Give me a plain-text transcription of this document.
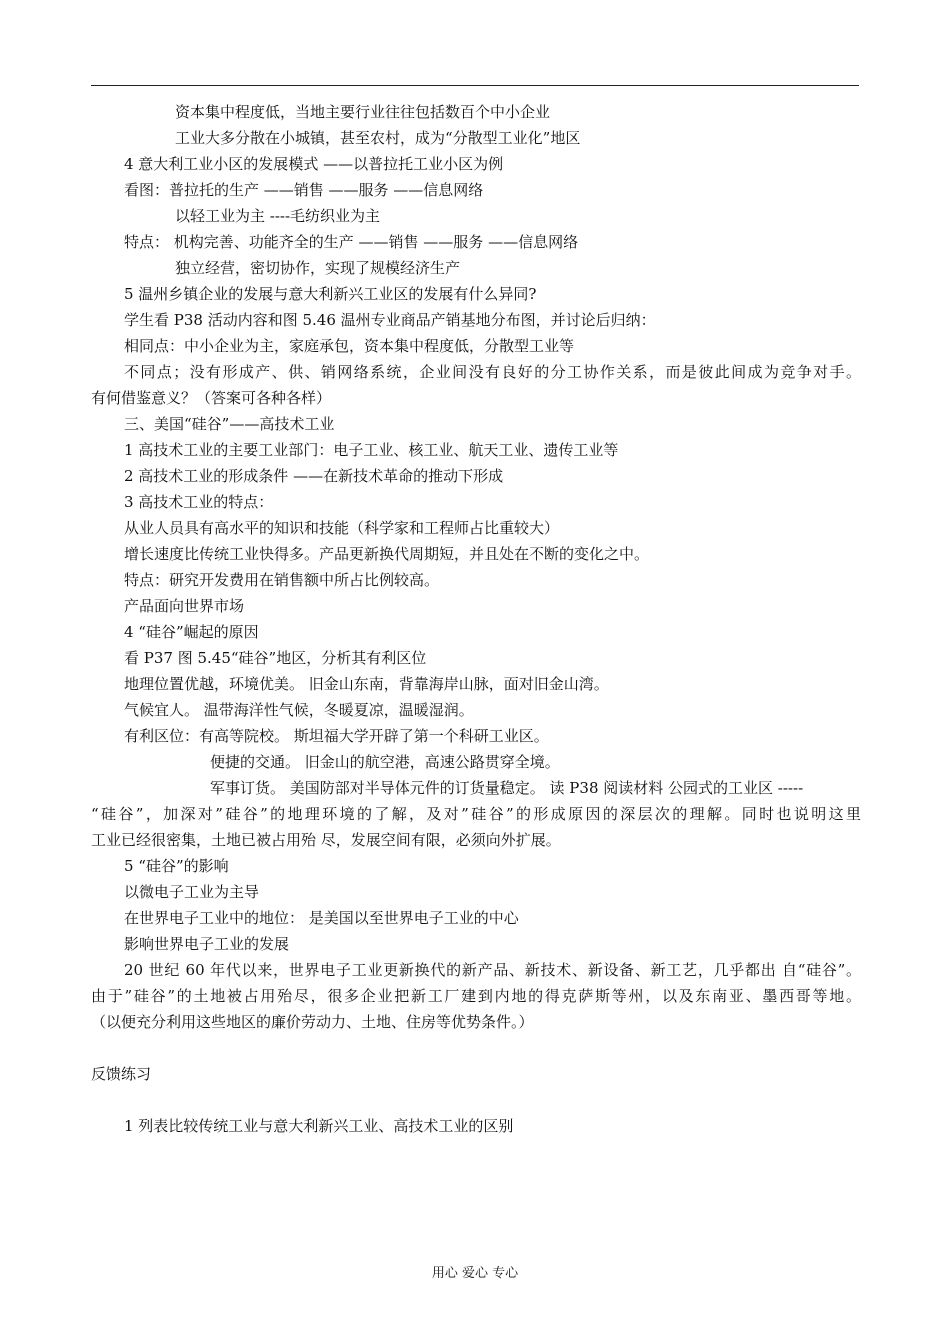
资本集中程度低，当地主要行业往往包括数百个中小企业
工业大多分散在小城镇，甚至农村，成为“分散型工业化”地区
4 意大利工业小区的发展模式 ——以普拉托工业小区为例
看图：普拉托的生产 ——销售 ——服务 ——信息网络
以轻工业为主 ----毛纺织业为主
特点： 机构完善、功能齐全的生产 ——销售 ——服务 ——信息网络
独立经营，密切协作，实现了规模经济生产
5 温州乡镇企业的发展与意大利新兴工业区的发展有什么异同?
学生看 P38 活动内容和图 5.46 温州专业商品产销基地分布图，并讨论后归纳：
相同点：中小企业为主，家庭承包，资本集中程度低，分散型工业等
不同点；没有形成产、供、销网络系统，企业间没有良好的分工协作关系，而是彼此间成为竞争对手。
有何借鉴意义？（答案可各种各样）
三、美国“硅谷”——高技术工业
1 高技术工业的主要工业部门：电子工业、核工业、航天工业、遗传工业等
2 高技术工业的形成条件 ——在新技术革命的推动下形成
3 高技术工业的特点：
从业人员具有高水平的知识和技能（科学家和工程师占比重较大）
增长速度比传统工业快得多。产品更新换代周期短，并且处在不断的变化之中。
特点：研究开发费用在销售额中所占比例较高。
产品面向世界市场
4 “硅谷”崛起的原因
看 P37 图 5.45“硅谷”地区，分析其有利区位
地理位置优越，环境优美。 旧金山东南，背靠海岸山脉，面对旧金山湾。
气候宜人。 温带海洋性气候，冬暖夏凉，温暖湿润。
有利区位：有高等院校。 斯坦福大学开辟了第一个科研工业区。
便捷的交通。 旧金山的航空港，高速公路贯穿全境。
军事订货。 美国防部对半导体元件的订货量稳定。 读 P38 阅读材料 公园式的工业区 -----
“硅谷”，加深对”硅谷”的地理环境的了解，及对”硅谷”的形成原因的深层次的理解。同时也说明这里
工业已经很密集，土地已被占用殆 尽，发展空间有限，必须向外扩展。
5 “硅谷”的影响
以微电子工业为主导
在世界电子工业中的地位： 是美国以至世界电子工业的中心
影响世界电子工业的发展
20 世纪 60 年代以来，世界电子工业更新换代的新产品、新技术、新设备、新工艺，几乎都出 自“硅谷”。
由于”硅谷”的土地被占用殆尽，很多企业把新工厂建到内地的得克萨斯等州，以及东南亚、墨西哥等地。
（以便充分利用这些地区的廉价劳动力、土地、住房等优势条件。）
反馈练习
1 列表比较传统工业与意大利新兴工业、高技术工业的区别
用心 爱心 专心
